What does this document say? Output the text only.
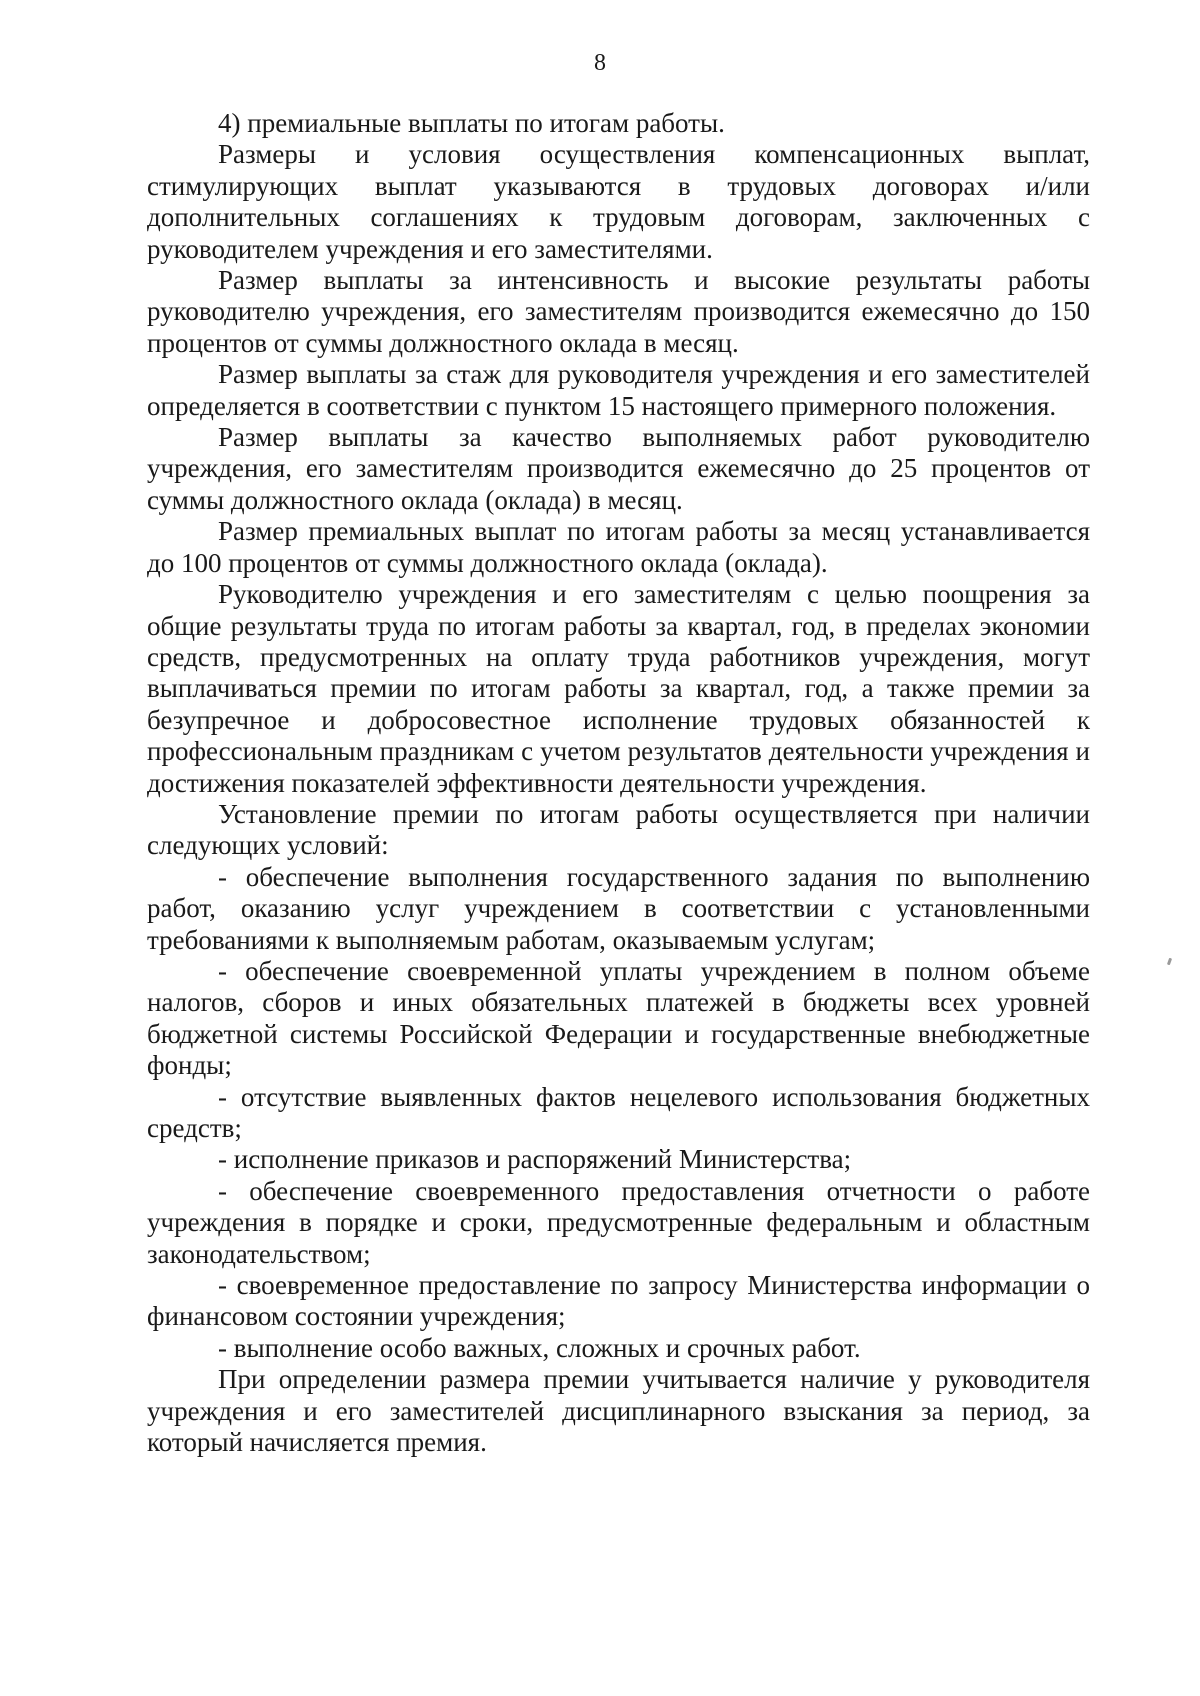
8

4) премиальные выплаты по итогам работы.

Размеры и условия осуществления компенсационных выплат, стимулирующих выплат указываются в трудовых договорах и/или дополнительных соглашениях к трудовым договорам, заключенных с руководителем учреждения и его заместителями.

Размер выплаты за интенсивность и высокие результаты работы руководителю учреждения, его заместителям производится ежемесячно до 150 процентов от суммы должностного оклада в месяц.

Размер выплаты за стаж для руководителя учреждения и его заместителей определяется в соответствии с пунктом 15 настоящего примерного положения.

Размер выплаты за качество выполняемых работ руководителю учреждения, его заместителям производится ежемесячно до 25 процентов от суммы должностного оклада (оклада) в месяц.

Размер премиальных выплат по итогам работы за месяц устанавливается до 100 процентов от суммы должностного оклада (оклада).

Руководителю учреждения и его заместителям с целью поощрения за общие результаты труда по итогам работы за квартал, год, в пределах экономии средств, предусмотренных на оплату труда работников учреждения, могут выплачиваться премии по итогам работы за квартал, год, а также премии за безупречное и добросовестное исполнение трудовых обязанностей к профессиональным праздникам с учетом результатов деятельности учреждения и достижения показателей эффективности деятельности учреждения.

Установление премии по итогам работы осуществляется при наличии следующих условий:

- обеспечение выполнения государственного задания по выполнению работ, оказанию услуг учреждением в соответствии с установленными требованиями к выполняемым работам, оказываемым услугам;

- обеспечение своевременной уплаты учреждением в полном объеме налогов, сборов и иных обязательных платежей в бюджеты всех уровней бюджетной системы Российской Федерации и государственные внебюджетные фонды;

- отсутствие выявленных фактов нецелевого использования бюджетных средств;

- исполнение приказов и распоряжений Министерства;

- обеспечение своевременного предоставления отчетности о работе учреждения в порядке и сроки, предусмотренные федеральным и областным законодательством;

- своевременное предоставление по запросу Министерства информации о финансовом состоянии учреждения;

- выполнение особо важных, сложных и срочных работ.

При определении размера премии учитывается наличие у руководителя учреждения и его заместителей дисциплинарного взыскания за период, за который начисляется премия.
